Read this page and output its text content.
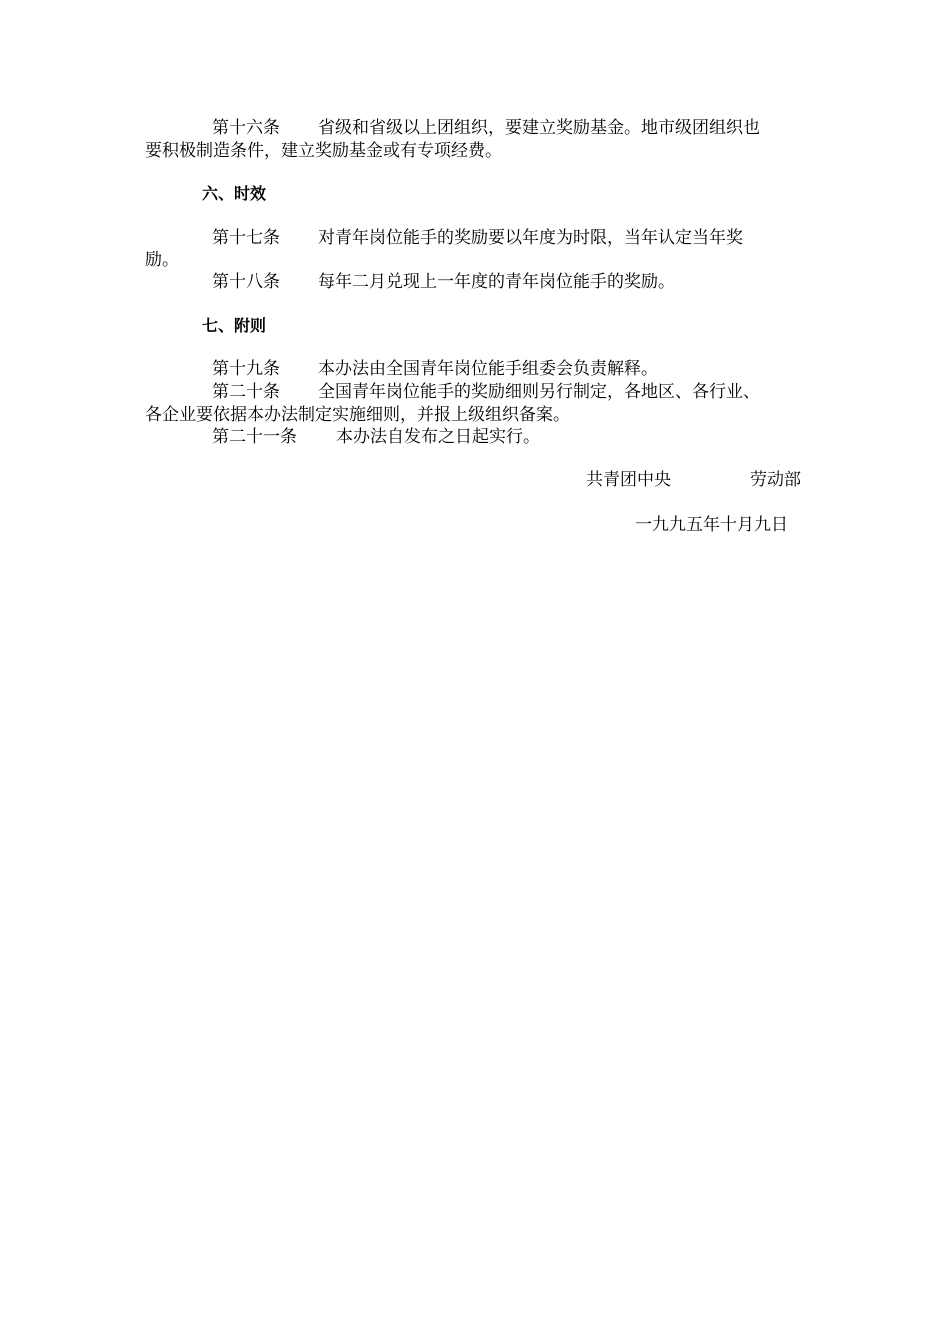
第十六条 省级和省级以上团组织，要建立奖励基金。地市级团组织也
要积极制造条件，建立奖励基金或有专项经费。
六、时效
第十七条 对青年岗位能手的奖励要以年度为时限，当年认定当年奖
励。
第十八条 每年二月兑现上一年度的青年岗位能手的奖励。
七、附则
第十九条 本办法由全国青年岗位能手组委会负责解释。
第二十条 全国青年岗位能手的奖励细则另行制定，各地区、各行业、
各企业要依据本办法制定实施细则，并报上级组织备案。
第二十一条 本办法自发布之日起实行。
共青团中央	劳动部
一九九五年十月九日
